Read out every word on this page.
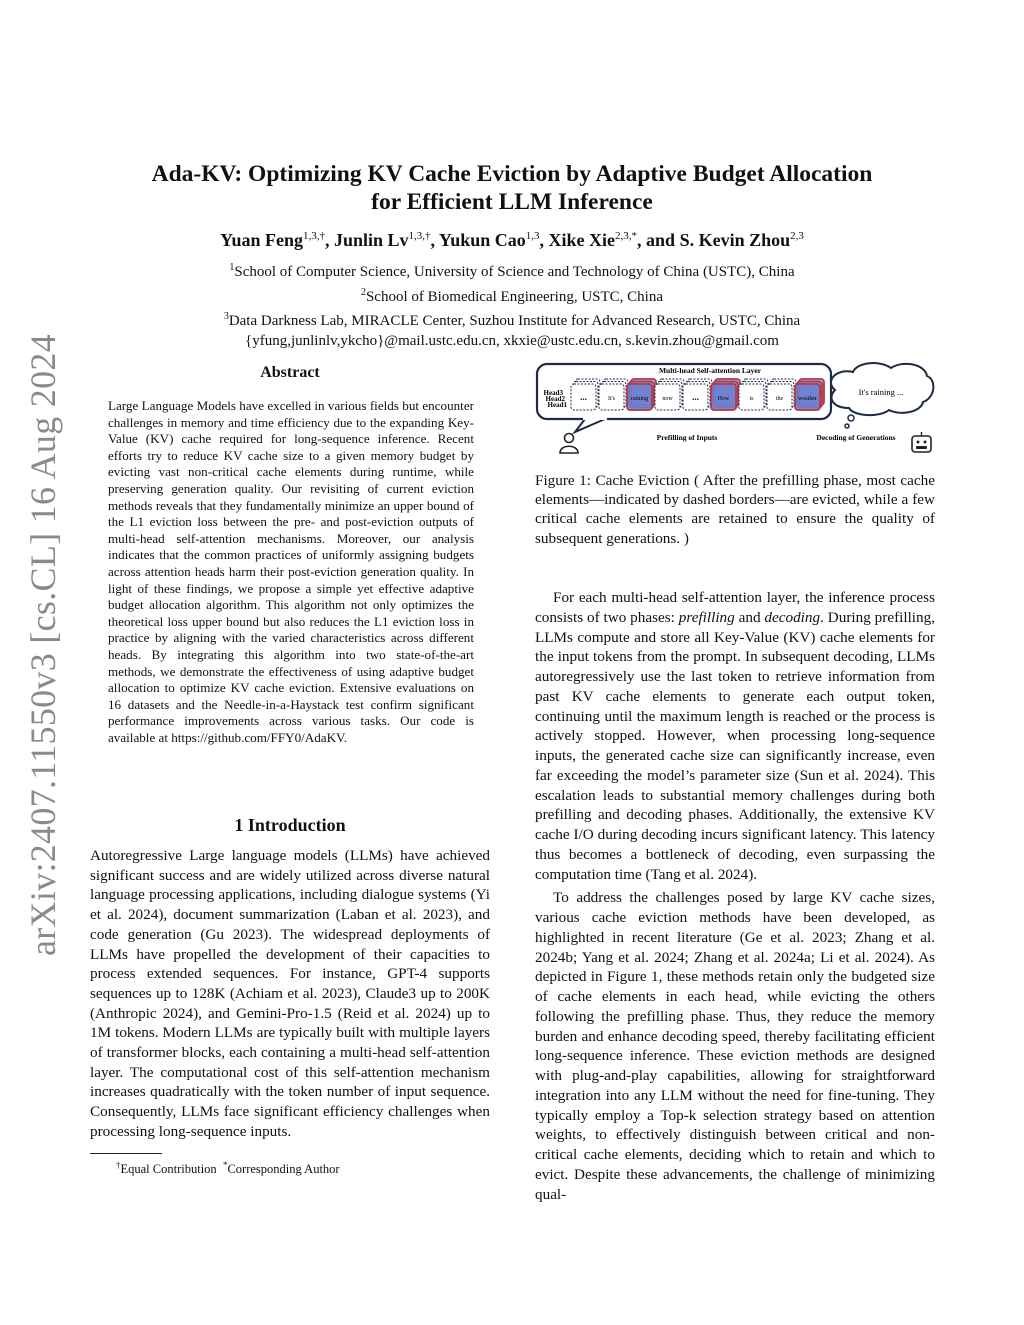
arXiv:2407.11550v3 [cs.CL] 16 Aug 2024
Ada-KV: Optimizing KV Cache Eviction by Adaptive Budget Allocation
for Efficient LLM Inference
Yuan Feng$^{1,3,\dagger}$, Junlin $Lv^{1,3,\dagger}$, Yukun Cao$^{1,3}$, Xike Xie$^{2,3,*}$, and S. Kevin Zhou$^{2,3}$
$^1$School of Computer Science, University of Science and Technology of China (USTC), China
$^2$School of Biomedical Engineering, USTC, China
$^3$Data Darkness Lab, MIRACLE Center, Suzhou Institute for Advanced Research, USTC, China
{yfung,junlinlv,ykcho}@mail.ustc.edu.cn, xkxie@ustc.edu.cn, s.kevin.zhou@gmail.com
Abstract
Large Language Models have excelled in various fields but encounter challenges in memory and time efficiency due to the expanding Key-Value (KV) cache required for long-sequence inference. Recent efforts try to reduce KV cache size to a given memory budget by evicting vast non-critical cache elements during runtime, while preserving generation quality. Our revisiting of current eviction methods reveals that they fundamentally minimize an upper bound of the L1 eviction loss between the pre- and post-eviction outputs of multi-head self-attention mechanisms. Moreover, our analysis indicates that the common practices of uniformly assigning budgets across attention heads harm their post-eviction generation quality. In light of these findings, we propose a simple yet effective adaptive budget allocation algorithm. This algorithm not only optimizes the theoretical loss upper bound but also reduces the L1 eviction loss in practice by aligning with the varied characteristics across different heads. By integrating this algorithm into two state-of-the-art methods, we demonstrate the effectiveness of using adaptive budget allocation to optimize KV cache eviction. Extensive evaluations on 16 datasets and the Needle-in-a-Haystack test confirm significant performance improvements across various tasks. Our code is available at https://github.com/FFY0/AdaKV.
1 Introduction

Autoregressive Large language models (LLMs) have achieved significant success and are widely utilized across diverse natural language processing applications, including dialogue systems (Yi et al. 2024), document summarization (Laban et al. 2023), and code generation (Gu 2023). The widespread deployments of LLMs have propelled the development of their capacities to process extended sequences. For instance, GPT-4 supports sequences up to 128K (Achiam et al. 2023), Claude3 up to 200K (Anthropic 2024), and Gemini-Pro-1.5 (Reid et al. 2024) up to 1M tokens. Modern LLMs are typically built with multiple layers of transformer blocks, each containing a multi-head self-attention layer. The computational cost of this self-attention mechanism increases quadratically with the token number of input sequence. Consequently, LLMs face significant efficiency challenges when processing long-sequence inputs.

†Equal Contribution *Corresponding Author
Multi-head Self-attention Layer
Head3
Head2
Head1
...	It's	raining now ...	How	is	the weather
It's raining ...
Prefilling of Inputs	Decoding of Generations
Figure 1: Cache Eviction ( After the prefilling phase, most cache elements—indicated by dashed borders—are evicted, while a few critical cache elements are retained to ensure the quality of subsequent generations. )

For each multi-head self-attention layer, the inference process consists of two phases: prefilling and decoding. During prefilling, LLMs compute and store all Key-Value (KV) cache elements for the input tokens from the prompt. In subsequent decoding, LLMs autoregressively use the last token to retrieve information from past KV cache elements to generate each output token, continuing until the maximum length is reached or the process is actively stopped. However, when processing long-sequence inputs, the generated cache size can significantly increase, even far exceeding the model’s parameter size (Sun et al. 2024). This escalation leads to substantial memory challenges during both prefilling and decoding phases. Additionally, the extensive KV cache I/O during decoding incurs significant latency. This latency thus becomes a bottleneck of decoding, even surpassing the computation time (Tang et al. 2024).

To address the challenges posed by large KV cache sizes, various cache eviction methods have been developed, as highlighted in recent literature (Ge et al. 2023; Zhang et al. 2024b; Yang et al. 2024; Zhang et al. 2024a; Li et al. 2024). As depicted in Figure 1, these methods retain only the budgeted size of cache elements in each head, while evicting the others following the prefilling phase. Thus, they reduce the memory burden and enhance decoding speed, thereby facilitating efficient long-sequence inference. These eviction methods are designed with plug-and-play capabilities, allowing for straightforward integration into any LLM without the need for fine-tuning. They typically employ a Top-k selection strategy based on attention weights, to effectively distinguish between critical and non-critical cache elements, deciding which to retain and which to evict. Despite these advancements, the challenge of minimizing qual-
